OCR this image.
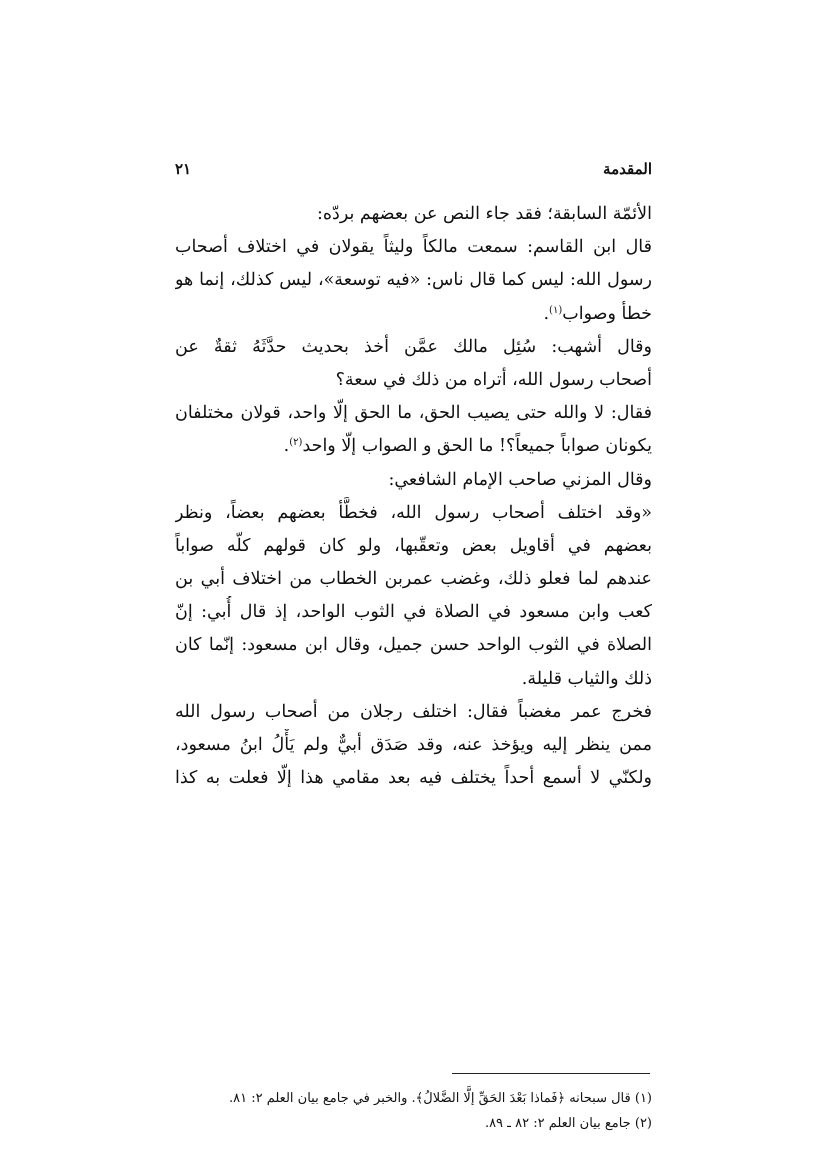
المقدمة
٢١
الأئمّة السابقة؛ فقد جاء النص عن بعضهم بردّه:
قال ابن القاسم: سمعت مالكاً وليثاً يقولان في اختلاف أصحاب
رسول الله: ليس كما قال ناس: «فيه توسعة»، ليس كذلك، إنما هو
خطأ وصواب$^{(١)}$.
وقال أشهب: سُئِل مالك عمَّن أخذ بحديث حدَّثَهُ ثقةٌ عن
أصحاب رسول الله، أتراه من ذلك في سعة؟
فقال: لا والله حتى يصيب الحق، ما الحق إلّا واحد، قولان مختلفان
يكونان صواباً جميعاً؟! ما الحق و الصواب إلّا واحد$^{(٢)}$.
وقال المزني صاحب الإمام الشافعي:
«وقد اختلف أصحاب رسول الله، فخطَّأ بعضهم بعضاً، ونظر
بعضهم في أقاويل بعض وتعقّبها، ولو كان قولهم كلّه صواباً
عندهم لما فعلو ذلك، وغضب عمربن الخطاب من اختلاف أبي بن
كعب وابن مسعود في الصلاة في الثوب الواحد، إذ قال أُبي: إنّ
الصلاة في الثوب الواحد حسن جميل، وقال ابن مسعود: إنّما كان
ذلك والثياب قليلة.
فخرج عمر مغضباً فقال: اختلف رجلان من أصحاب رسول الله
ممن ينظر إليه ويؤخذ عنه، وقد صَدَق أبيٌّ ولم يَأْلُ ابنُ مسعود،
ولكنّي لا أسمع أحداً يختلف فيه بعد مقامي هذا إلّا فعلت به كذا
(١) قال سبحانه ﴿فَماذا بَعْدَ الحَقِّ إلَّا الضَّلالُ﴾. والخبر في جامع بيان العلم ٢: ٨١.
(٢) جامع بيان العلم ٢: ٨٢ ـ ٨٩.
